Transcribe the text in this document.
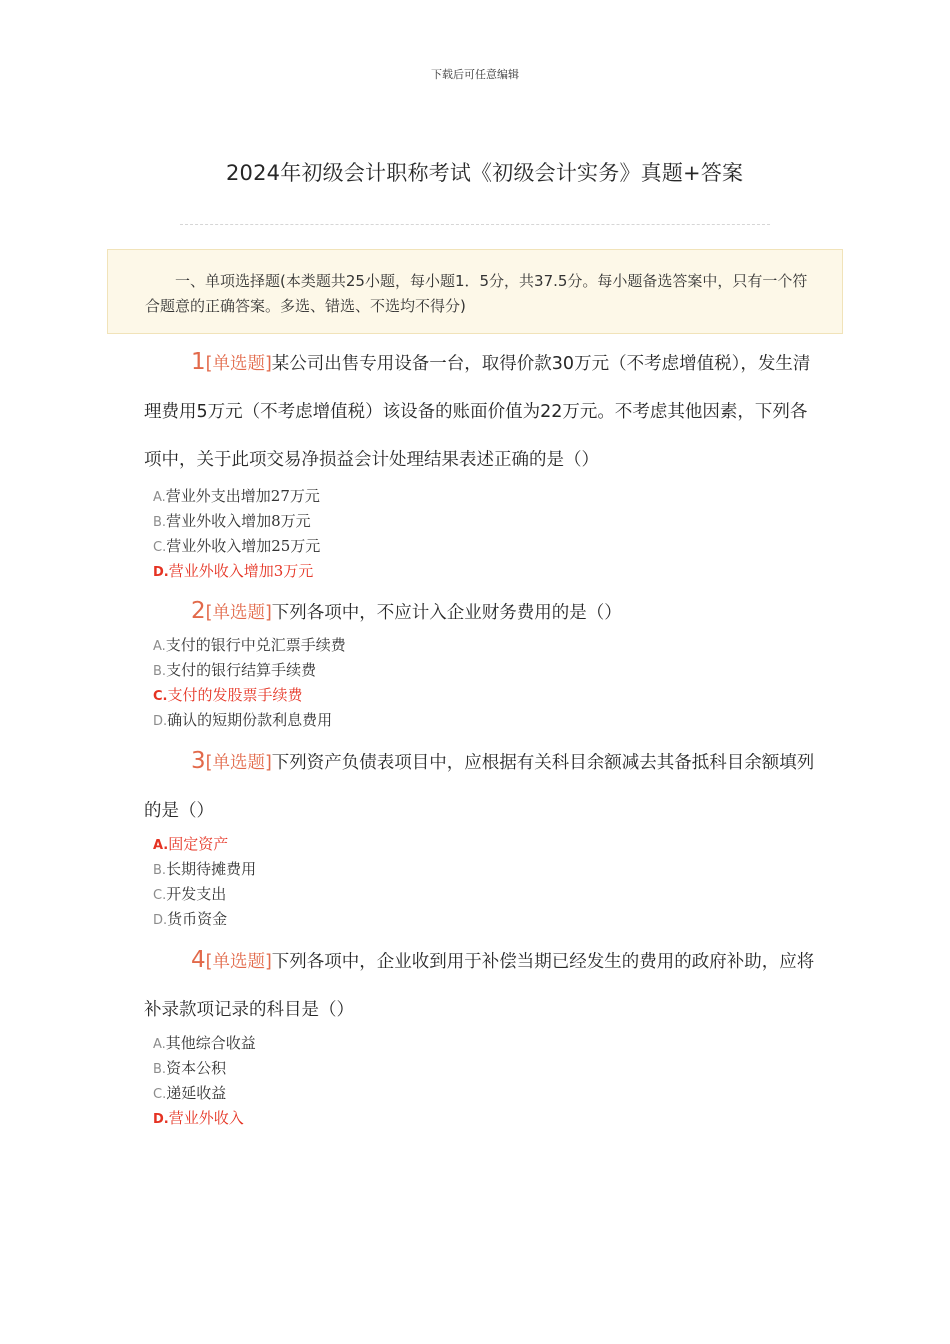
下载后可任意编辑
2024年初级会计职称考试《初级会计实务》真题+答案
一、单项选择题(本类题共25小题，每小题1．5分，共37.5分。每小题备选答案中，只有一个符合题意的正确答案。多选、错选、不选均不得分)
1[单选题]某公司出售专用设备一台，取得价款30万元（不考虑增值税），发生清理费用5万元（不考虑增值税）该设备的账面价值为22万元。不考虑其他因素，下列各项中，关于此项交易净损益会计处理结果表述正确的是（）
A.营业外支出增加27万元
B.营业外收入增加8万元
C.营业外收入增加25万元
D.营业外收入增加3万元
2[单选题]下列各项中，不应计入企业财务费用的是（）
A.支付的银行中兑汇票手续费
B.支付的银行结算手续费
C.支付的发股票手续费
D.确认的短期份款利息费用
3[单选题]下列资产负债表项目中，应根据有关科目余额减去其备抵科目余额填列的是（）
A.固定资产
B.长期待摊费用
C.开发支出
D.货币资金
4[单选题]下列各项中，企业收到用于补偿当期已经发生的费用的政府补助，应将补录款项记录的科目是（）
A.其他综合收益
B.资本公积
C.递延收益
D.营业外收入
